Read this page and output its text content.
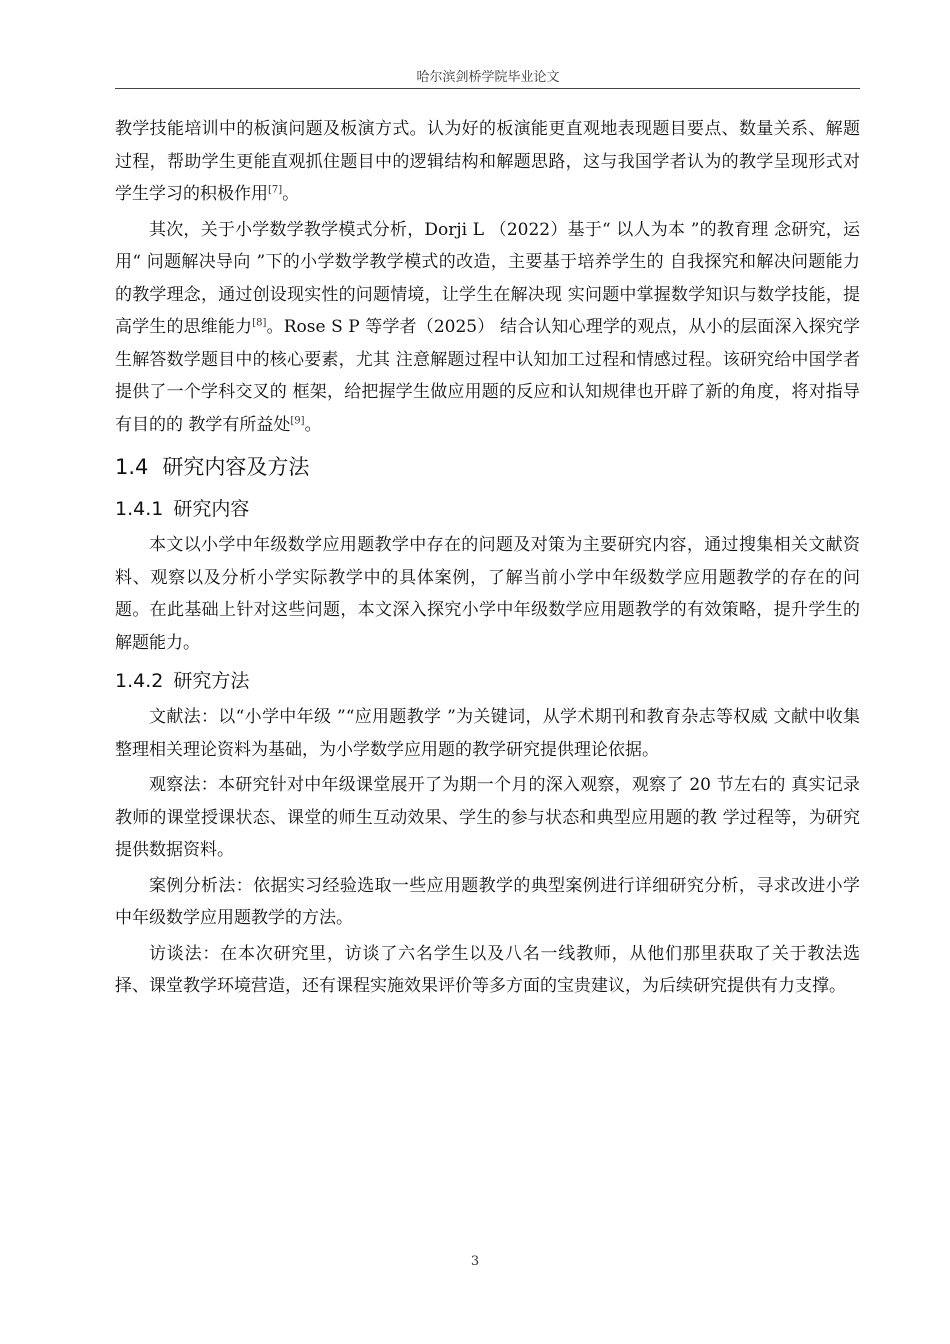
哈尔滨剑桥学院毕业论文

教学技能培训中的板演问题及板演方式。认为好的板演能更直观地表现题目要点、数量关系、解题过程，帮助学生更能直观抓住题目中的逻辑结构和解题思路，这与我国学者认为的教学呈现形式对学生学习的积极作用[7]。

其次，关于小学数学教学模式分析，Dorji L （2022）基于“ 以人为本 ”的教育理 念研究，运用“ 问题解决导向 ”下的小学数学教学模式的改造，主要基于培养学生的 自我探究和解决问题能力的教学理念，通过创设现实性的问题情境，让学生在解决现 实问题中掌握数学知识与数学技能，提高学生的思维能力[8]。Rose S P 等学者（2025） 结合认知心理学的观点，从小的层面深入探究学生解答数学题目中的核心要素，尤其 注意解题过程中认知加工过程和情感过程。该研究给中国学者提供了一个学科交叉的 框架，给把握学生做应用题的反应和认知规律也开辟了新的角度，将对指导有目的的 教学有所益处[9]。

1.4 研究内容及方法
1.4.1 研究内容

本文以小学中年级数学应用题教学中存在的问题及对策为主要研究内容，通过搜集相关文献资料、观察以及分析小学实际教学中的具体案例，了解当前小学中年级数学应用题教学的存在的问题。在此基础上针对这些问题，本文深入探究小学中年级数学应用题教学的有效策略，提升学生的解题能力。

1.4.2 研究方法

文献法：以“小学中年级 ”“应用题教学 ”为关键词，从学术期刊和教育杂志等权威 文献中收集整理相关理论资料为基础，为小学数学应用题的教学研究提供理论依据。

观察法：本研究针对中年级课堂展开了为期一个月的深入观察，观察了 20 节左右的 真实记录教师的课堂授课状态、课堂的师生互动效果、学生的参与状态和典型应用题的教 学过程等，为研究提供数据资料。

案例分析法：依据实习经验选取一些应用题教学的典型案例进行详细研究分析，寻求改进小学中年级数学应用题教学的方法。

访谈法：在本次研究里，访谈了六名学生以及八名一线教师，从他们那里获取了关于教法选择、课堂教学环境营造，还有课程实施效果评价等多方面的宝贵建议，为后续研究提供有力支撑。

3
